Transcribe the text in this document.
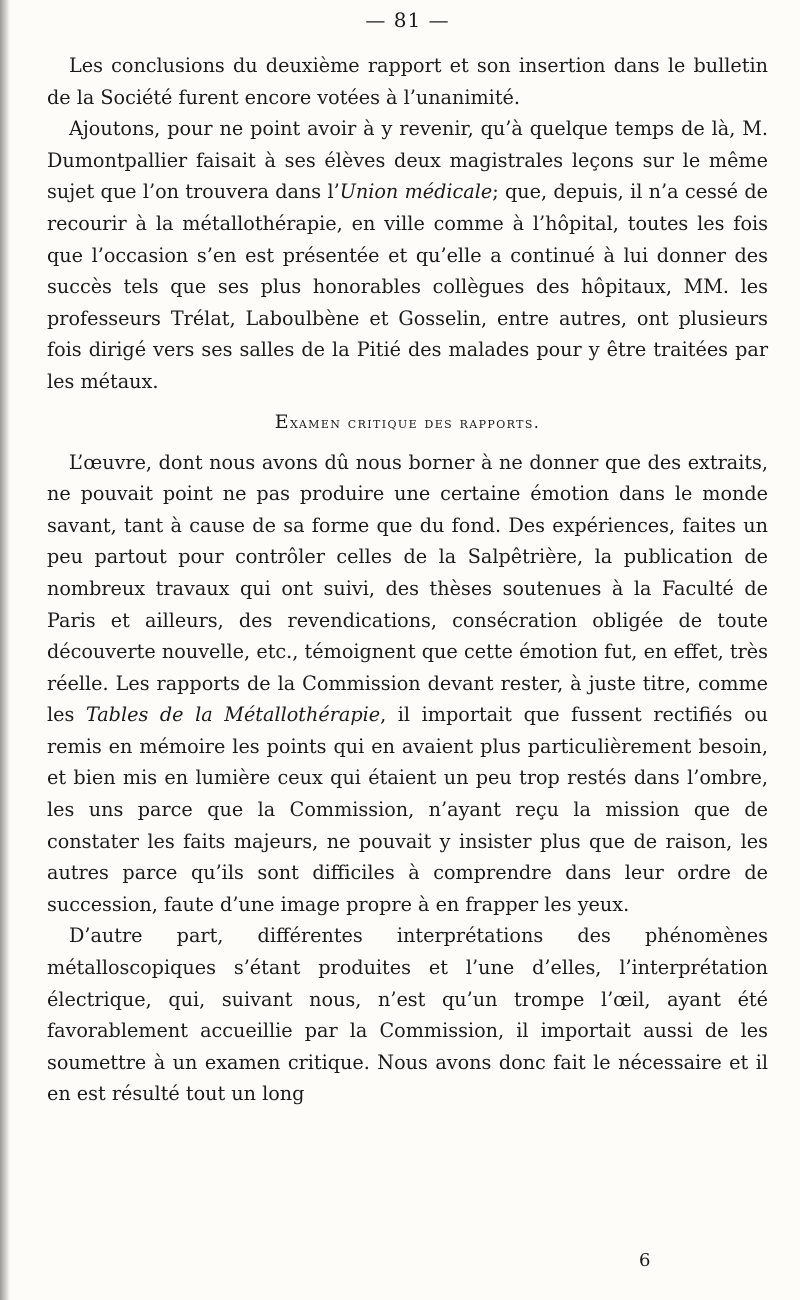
— 81 —

Les conclusions du deuxième rapport et son insertion dans le bulletin de la Société furent encore votées à l’unanimité.

Ajoutons, pour ne point avoir à y revenir, qu’à quelque temps de là, M. Dumontpallier faisait à ses élèves deux magistrales leçons sur le même sujet que l’on trouvera dans l’Union médicale; que, depuis, il n’a cessé de recourir à la métallothérapie, en ville comme à l’hôpital, toutes les fois que l’occasion s’en est présentée et qu’elle a continué à lui donner des succès tels que ses plus honorables collègues des hôpitaux, MM. les professeurs Trélat, Laboulbène et Gosselin, entre autres, ont plusieurs fois dirigé vers ses salles de la Pitié des malades pour y être traitées par les métaux.

Examen critique des rapports.

L’œuvre, dont nous avons dû nous borner à ne donner que des extraits, ne pouvait point ne pas produire une certaine émotion dans le monde savant, tant à cause de sa forme que du fond. Des expériences, faites un peu partout pour contrôler celles de la Salpêtrière, la publication de nombreux travaux qui ont suivi, des thèses soutenues à la Faculté de Paris et ailleurs, des revendications, consécration obligée de toute découverte nouvelle, etc., témoignent que cette émotion fut, en effet, très réelle. Les rapports de la Commission devant rester, à juste titre, comme les Tables de la Métallothérapie, il importait que fussent rectifiés ou remis en mémoire les points qui en avaient plus particulièrement besoin, et bien mis en lumière ceux qui étaient un peu trop restés dans l’ombre, les uns parce que la Commission, n’ayant reçu la mission que de constater les faits majeurs, ne pouvait y insister plus que de raison, les autres parce qu’ils sont difficiles à comprendre dans leur ordre de succession, faute d’une image propre à en frapper les yeux.

D’autre part, différentes interprétations des phénomènes métalloscopiques s’étant produites et l’une d’elles, l’interprétation électrique, qui, suivant nous, n’est qu’un trompe l’œil, ayant été favorablement accueillie par la Commission, il importait aussi de les soumettre à un examen critique. Nous avons donc fait le nécessaire et il en est résulté tout un long

6
